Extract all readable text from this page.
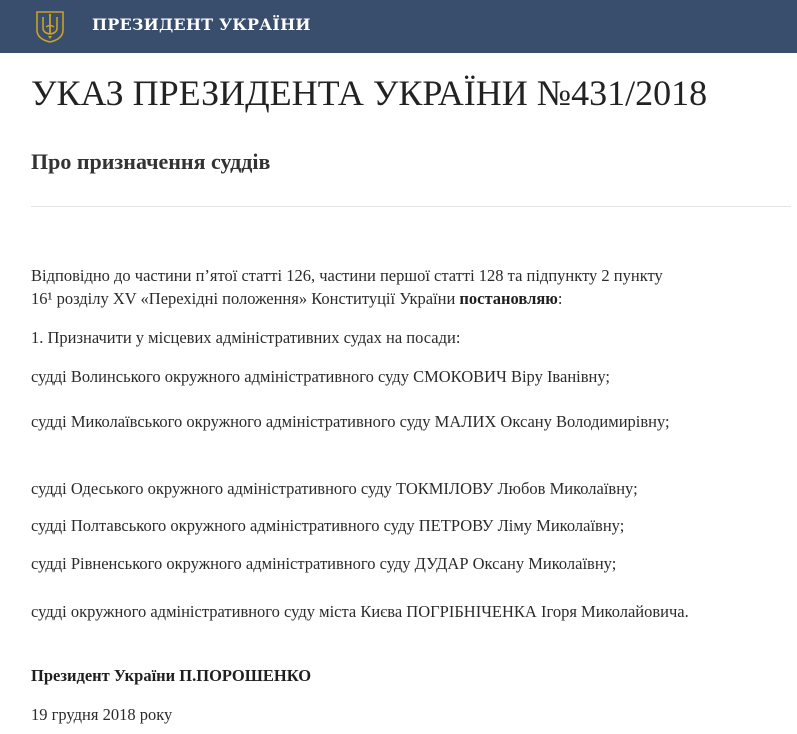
ПРЕЗИДЕНТ УКРАЇНИ
УКАЗ ПРЕЗИДЕНТА УКРАЇНИ №431/2018
Про призначення суддів
Відповідно до частини п’ятої статті 126, частини першої статті 128 та підпункту 2 пункту
16¹ розділу XV «Перехідні положення» Конституції України постановляю:

1. Призначити у місцевих адміністративних судах на посади:

судді Волинського окружного адміністративного суду СМОКОВИЧ Віру Іванівну;

судді Миколаївського окружного адміністративного суду МАЛИХ Оксану Володимирівну;

судді Одеського окружного адміністративного суду ТОКМІЛОВУ Любов Миколаївну;

судді Полтавського окружного адміністративного суду ПЕТРОВУ Ліму Миколаївну;

судді Рівненського окружного адміністративного суду ДУДАР Оксану Миколаївну;

судді окружного адміністративного суду міста Києва ПОГРІБНІЧЕНКА Ігоря Миколайовича.

Президент України П.ПОРОШЕНКО

19 грудня 2018 року
